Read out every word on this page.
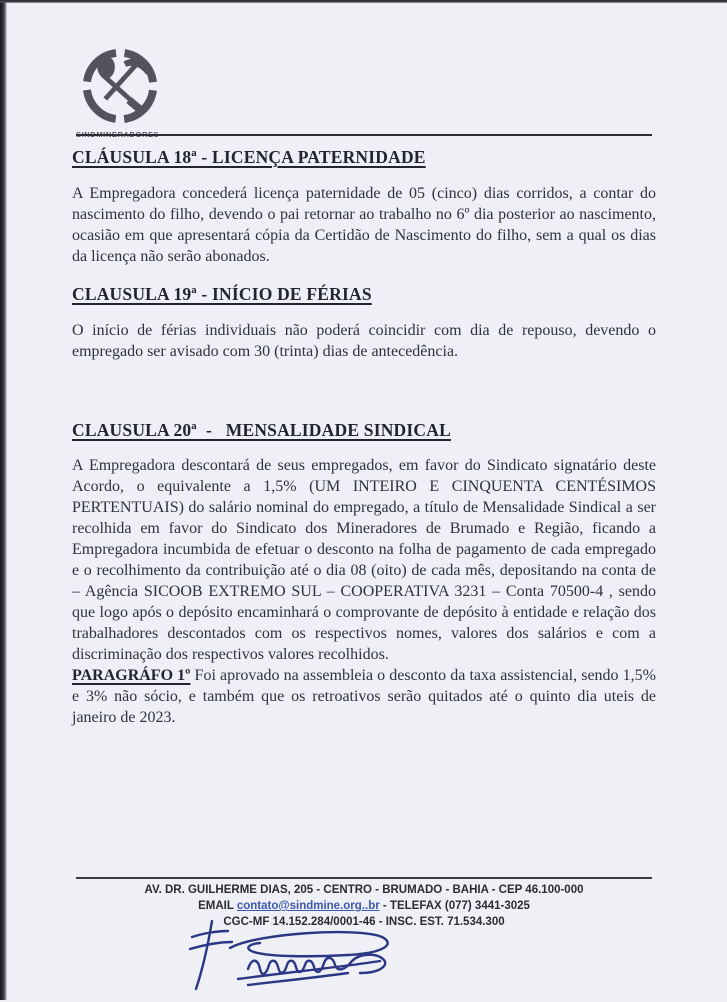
CLÁUSULA 18ª - LICENÇA PATERNIDADE

A Empregadora concederá licença paternidade de 05 (cinco) dias corridos, a contar do nascimento do filho, devendo o pai retornar ao trabalho no 6º dia posterior ao nascimento, ocasião em que apresentará cópia da Certidão de Nascimento do filho, sem a qual os dias da licença não serão abonados.

CLAUSULA 19ª - INÍCIO DE FÉRIAS

O início de férias individuais não poderá coincidir com dia de repouso, devendo o empregado ser avisado com 30 (trinta) dias de antecedência.

CLAUSULA 20ª  -   MENSALIDADE SINDICAL

A Empregadora descontará de seus empregados, em favor do Sindicato signatário deste Acordo, o equivalente a 1,5% (UM INTEIRO E CINQUENTA CENTÉSIMOS PERTENTUAIS) do salário nominal do empregado, a título de Mensalidade Sindical a ser recolhida em favor do Sindicato dos Mineradores de Brumado e Região, ficando a Empregadora incumbida de efetuar o desconto na folha de pagamento de cada empregado e o recolhimento da contribuição até o dia 08 (oito) de cada mês, depositando na conta de – Agência SICOOB EXTREMO SUL – COOPERATIVA 3231 – Conta 70500-4 , sendo que logo após o depósito encaminhará o comprovante de depósito à entidade e relação dos trabalhadores descontados com os respectivos nomes, valores dos salários e com a discriminação dos respectivos valores recolhidos.

PARAGRÁFO 1º Foi aprovado na assembleia o desconto da taxa assistencial, sendo 1,5% e 3% não sócio, e também que os retroativos serão quitados até o quinto dia uteis de janeiro de 2023.

AV. DR. GUILHERME DIAS, 205 - CENTRO - BRUMADO - BAHIA - CEP 46.100-000
EMAIL contato@sindmine.org..br - TELEFAX (077) 3441-3025
CGC-MF 14.152.284/0001-46 - INSC. EST. 71.534.300
